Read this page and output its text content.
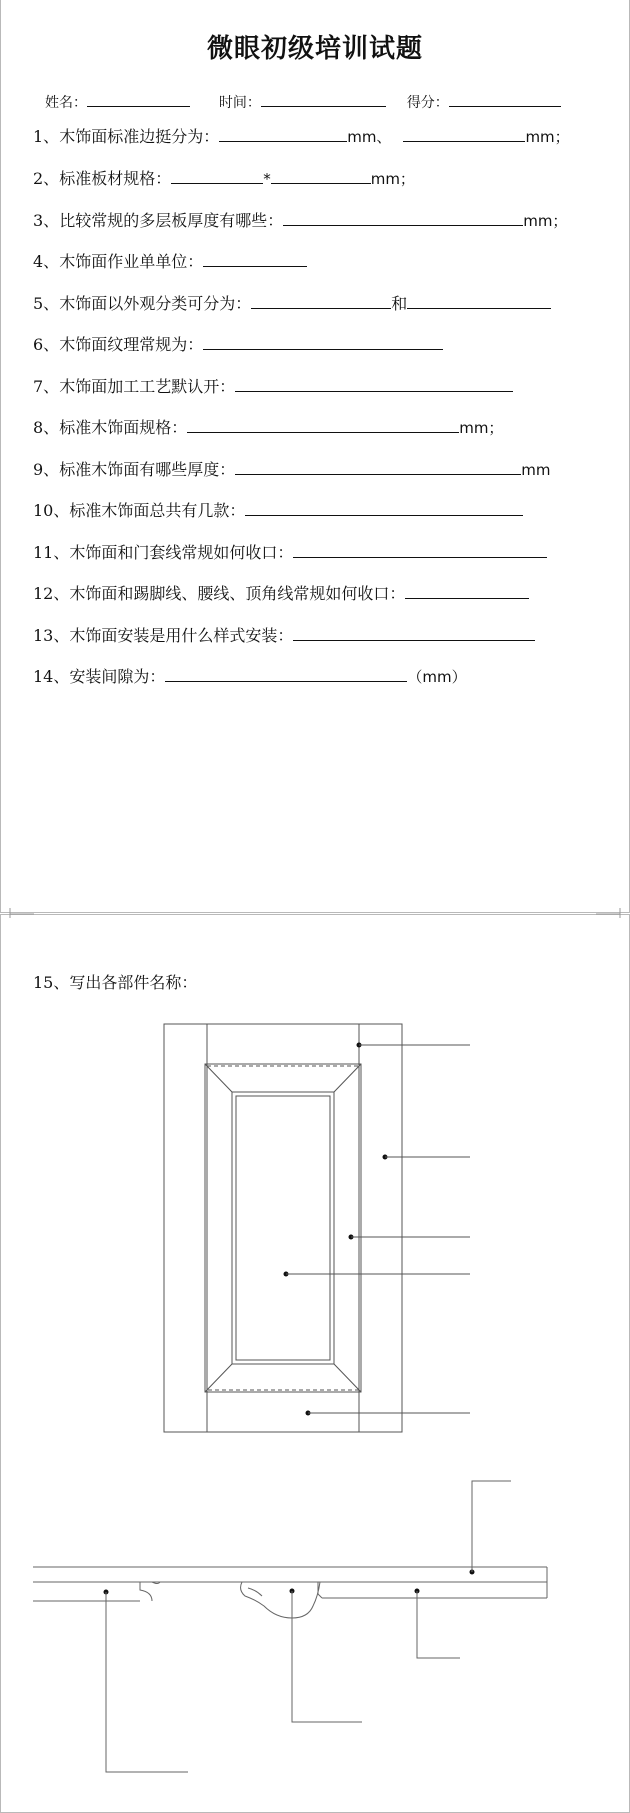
微眼初级培训试题
姓名：	时间：	得分：
1、木饰面标准边挺分为：	mm、	mm；
2、标准板材规格：	*	mm；
3、比较常规的多层板厚度有哪些：	mm；
4、木饰面作业单单位：
5、木饰面以外观分类可分为：	和
6、木饰面纹理常规为：
7、木饰面加工工艺默认开：
8、标准木饰面规格：	mm；
9、标准木饰面有哪些厚度：	mm
10、标准木饰面总共有几款：
11、木饰面和门套线常规如何收口：
12、木饰面和踢脚线、腰线、顶角线常规如何收口：
13、木饰面安装是用什么样式安装：
14、安装间隙为：	（mm）
15、写出各部件名称：
